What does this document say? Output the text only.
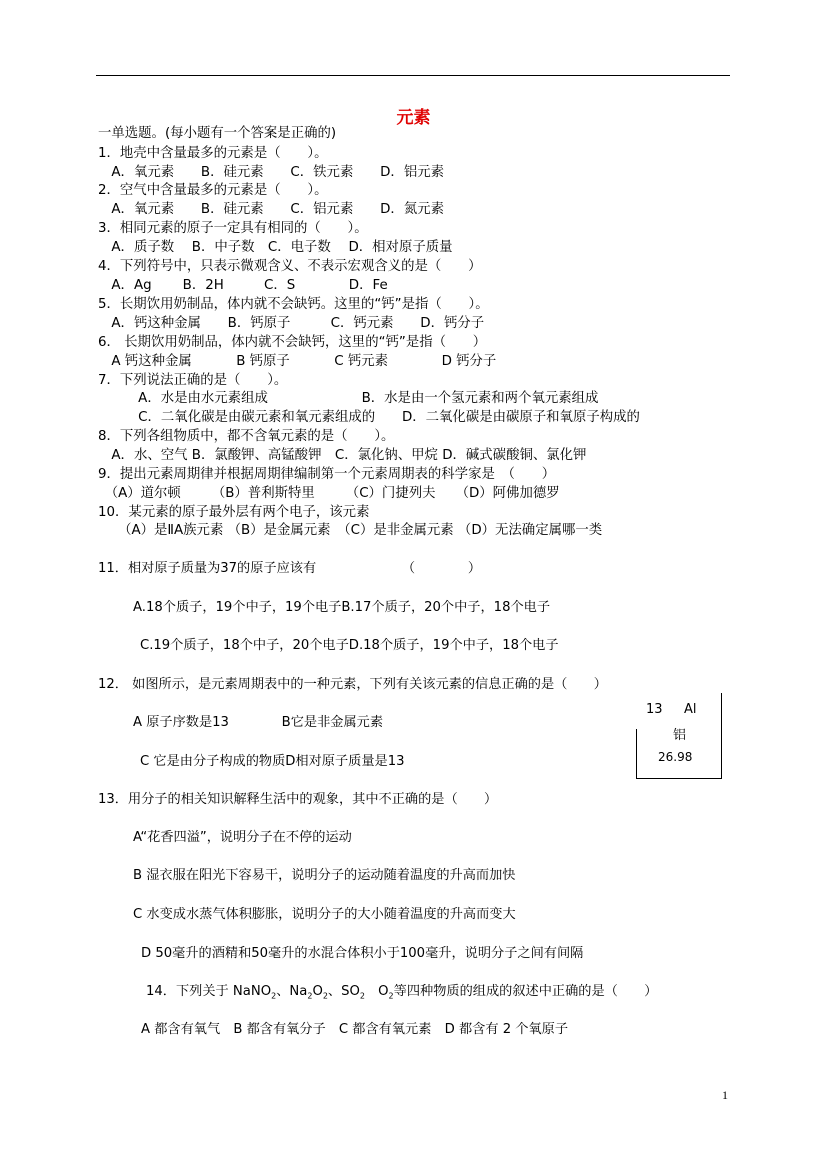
元素
一单选题。(每小题有一个答案是正确的)
1．地壳中含量最多的元素是（　　）。
　A．氧元素　　B．硅元素　　C．铁元素　　D．铝元素
2．空气中含量最多的元素是（　　）。
　A．氧元素　　B．硅元素　　C．铝元素　　D．氮元素
3．相同元素的原子一定具有相同的（　　）。
　A．质子数　 B．中子数　C．电子数　 D．相对原子质量
4．下列符号中，只表示微观含义、不表示宏观含义的是（　　）
　A．Ag　　 B．2H　　　C．S　　　　D．Fe
5．长期饮用奶制品，体内就不会缺钙。这里的“钙”是指（　　）。
　A．钙这种金属　　B．钙原子　　　C．钙元素　　D．钙分子
6． 长期饮用奶制品，体内就不会缺钙，这里的“钙”是指（　　）
　A 钙这种金属　　　 B 钙原子　　　 C 钙元素　　　　D 钙分子
7．下列说法正确的是（　　）。
　　　A．水是由水元素组成　　　　　　　B．水是由一个氢元素和两个氧元素组成
　　　C．二氧化碳是由碳元素和氧元素组成的　　D．二氧化碳是由碳原子和氧原子构成的
8．下列各组物质中，都不含氧元素的是（　　）。
　A．水、空气 B．氯酸钾、高锰酸钾　C．氯化钠、甲烷 D．碱式碳酸铜、氯化钾
9．提出元素周期律并根据周期律编制第一个元素周期表的科学家是　（　　）
　（A）道尔顿　　 （B）普利斯特里　　 （C）门捷列夫　　（D）阿佛加德罗
10．某元素的原子最外层有两个电子，该元素
　　（A）是ⅡA族元素 （B）是金属元素　（C）是非金属元素 （D）无法确定属哪一类
11．相对原子质量为37的原子应该有　　　　　　　（　　　　）
A.18个质子，19个中子，19个电子B.17个质子，20个中子，18个电子
C.19个质子，18个中子，20个电子D.18个质子，19个中子，18个电子
12． 如图所示，是元素周期表中的一种元素，下列有关该元素的信息正确的是（　　）
A 原子序数是13　　　　B它是非金属元素
C 它是由分子构成的物质D相对原子质量是13
13 Al
铝
26.98
13．用分子的相关知识解释生活中的观象，其中不正确的是（　　）
A“花香四溢”，说明分子在不停的运动
B 湿衣服在阳光下容易干，说明分子的运动随着温度的升高而加快
C 水变成水蒸气体积膨胀，说明分子的大小随着温度的升高而变大
D 50毫升的酒精和50毫升的水混合体积小于100毫升，说明分子之间有间隔
14．下列关于 NaNO$_2$、$Na_2O_2$、$SO_2$　$O_2$等四种物质的组成的叙述中正确的是（　　）
A 都含有氧气　B 都含有氧分子　C 都含有氧元素　D 都含有 2 个氧原子
1
